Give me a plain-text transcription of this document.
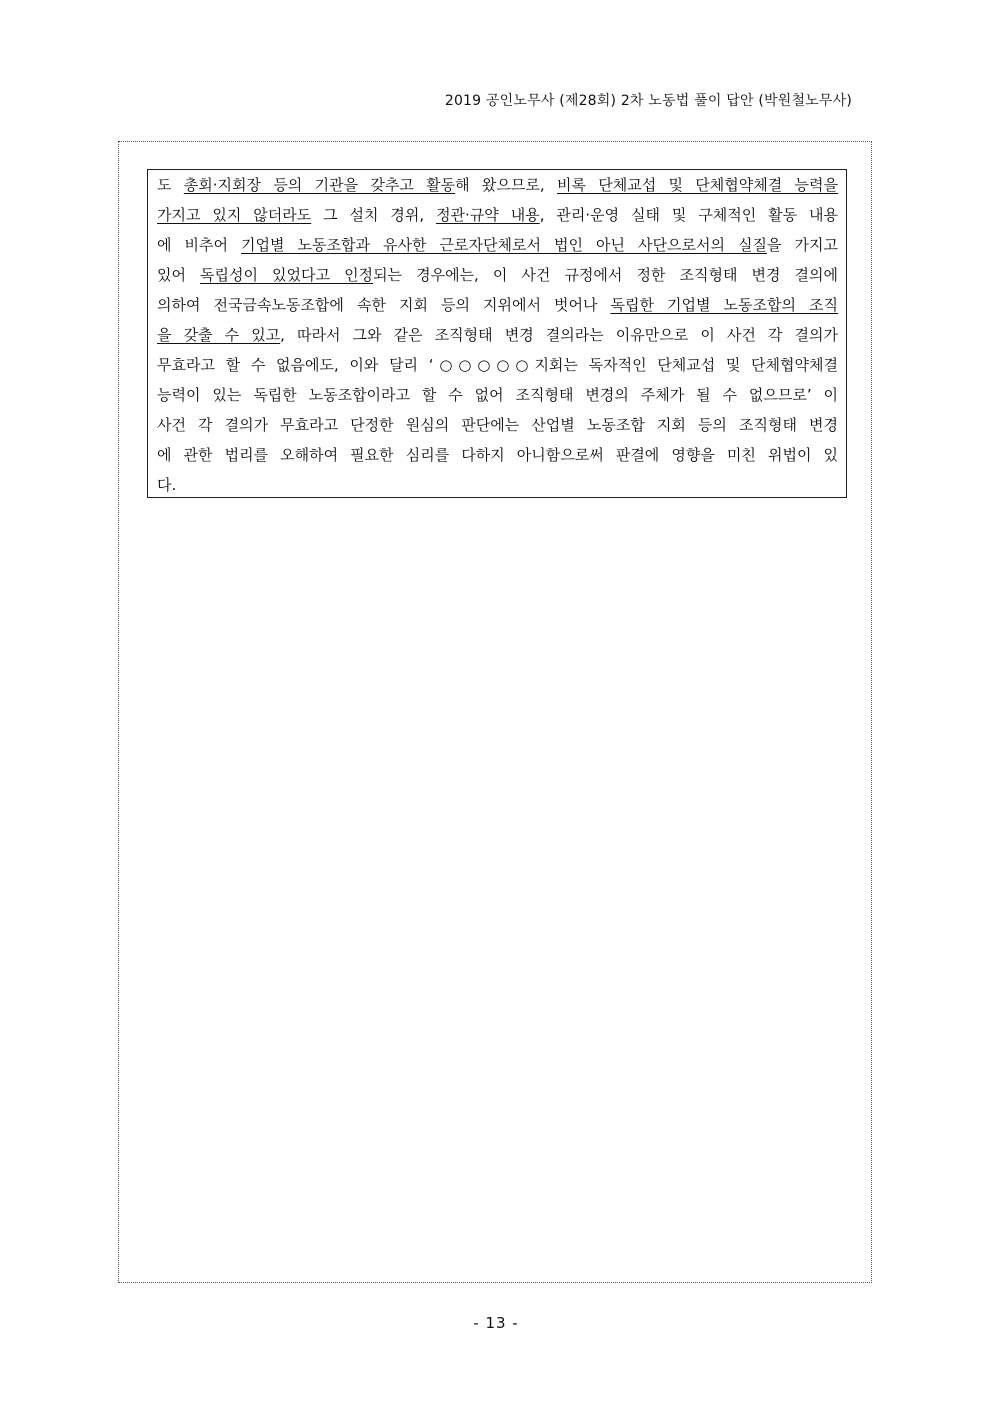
2019 공인노무사 (제28회) 2차 노동법 풀이 답안 (박원철노무사)
도 총회·지회장 등의 기관을 갖추고 활동해 왔으므로, 비록 단체교섭 및 단체협약체결 능력을
가지고 있지 않더라도 그 설치 경위, 정관·규약 내용, 관리·운영 실태 및 구체적인 활동 내용
에 비추어 기업별 노동조합과 유사한 근로자단체로서 법인 아닌 사단으로서의 실질을 가지고
있어 독립성이 있었다고 인정되는 경우에는, 이 사건 규정에서 정한 조직형태 변경 결의에
의하여 전국금속노동조합에 속한 지회 등의 지위에서 벗어나 독립한 기업별 노동조합의 조직
을 갖출 수 있고, 따라서 그와 같은 조직형태 변경 결의라는 이유만으로 이 사건 각 결의가
무효라고 할 수 없음에도, 이와 달리 ‘○○○○○지회는 독자적인 단체교섭 및 단체협약체결
능력이 있는 독립한 노동조합이라고 할 수 없어 조직형태 변경의 주체가 될 수 없으므로’ 이
사건 각 결의가 무효라고 단정한 원심의 판단에는 산업별 노동조합 지회 등의 조직형태 변경
에 관한 법리를 오해하여 필요한 심리를 다하지 아니함으로써 판결에 영향을 미친 위법이 있
다.
- 13 -
